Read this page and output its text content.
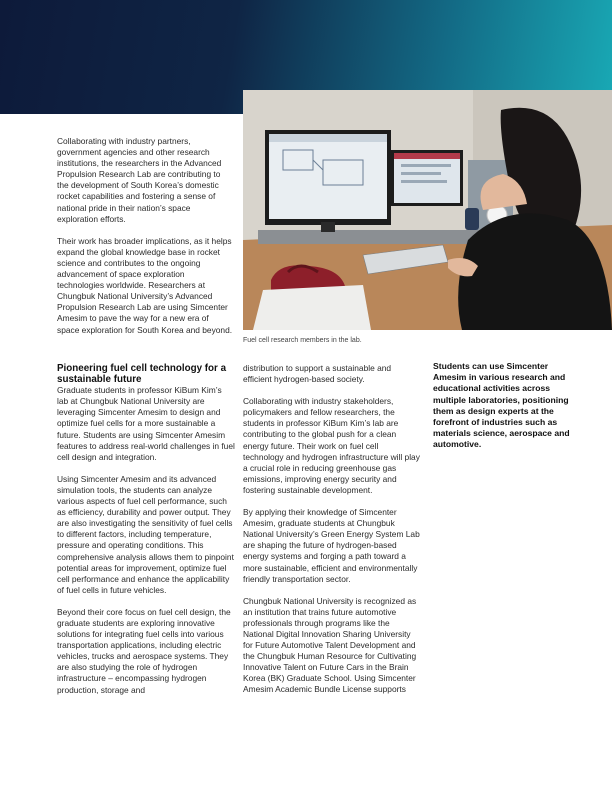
Fuel cell research members in the lab.

Collaborating with industry partners, government agencies and other research institutions, the researchers in the Advanced Propulsion Research Lab are contributing to the development of South Korea’s domestic rocket capabilities and fostering a sense of national pride in their nation’s space exploration efforts.

Their work has broader implications, as it helps expand the global knowledge base in rocket science and contributes to the ongoing advancement of space exploration technologies worldwide. Researchers at Chungbuk National University’s Advanced Propulsion Research Lab are using Simcenter Amesim to pave the way for a new era of space exploration for South Korea and beyond.

Pioneering fuel cell technology for a sustainable future

Graduate students in professor KiBum Kim’s lab at Chungbuk National University are leveraging Simcenter Amesim to design and optimize fuel cells for a more sustainable a future. Students are using Simcenter Amesim features to address real-world challenges in fuel cell design and integration.

Using Simcenter Amesim and its advanced simulation tools, the students can analyze various aspects of fuel cell performance, such as efficiency, durability and power output. They are also investigating the sensitivity of fuel cells to different factors, including temperature, pressure and operating conditions. This comprehensive analysis allows them to pinpoint potential areas for improvement, optimize fuel cell performance and enhance the applicability of fuel cells in future vehicles.

Beyond their core focus on fuel cell design, the graduate students are exploring innovative solutions for integrating fuel cells into various transportation applications, including electric vehicles, trucks and aerospace systems. They are also studying the role of hydrogen infrastructure – encompassing hydrogen production, storage and

distribution to support a sustainable and efficient hydrogen-based society.

Collaborating with industry stakeholders, policymakers and fellow researchers, the students in professor KiBum Kim’s lab are contributing to the global push for a clean energy future. Their work on fuel cell technology and hydrogen infrastructure will play a crucial role in reducing greenhouse gas emissions, improving energy security and fostering sustainable development.

By applying their knowledge of Simcenter Amesim, graduate students at Chungbuk National University’s Green Energy System Lab are shaping the future of hydrogen-based energy systems and forging a path toward a more sustainable, efficient and environmentally friendly transportation sector.

Chungbuk National University is recognized as an institution that trains future automotive professionals through programs like the National Digital Innovation Sharing University for Future Automotive Talent Development and the Chungbuk Human Resource for Cultivating Innovative Talent on Future Cars in the Brain Korea (BK) Graduate School. Using Simcenter Amesim Academic Bundle License supports

Students can use Simcenter Amesim in various research and educational activities across multiple laboratories, positioning them as design experts at the forefront of industries such as materials science, aerospace and automotive.
